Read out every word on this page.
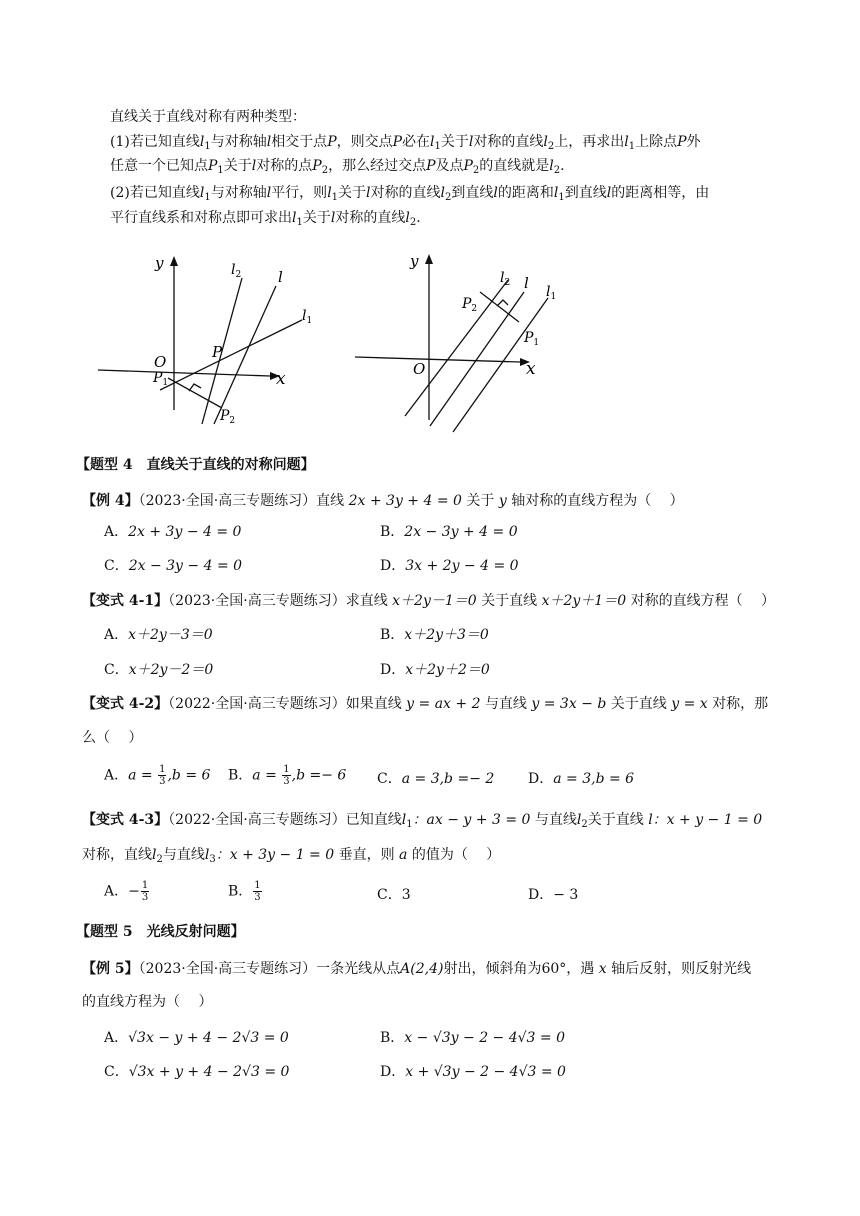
直线关于直线对称有两种类型：
(1)若已知直线$l_1$与对称轴l相交于点P，则交点P必在$l_1$关于l对称的直线$l_2$上，再求出$l_1$上除点P外
任意一个已知点$P_1$关于l对称的点$P_2$，那么经过交点P及点$P_2$的直线就是$l_2$.
(2)若已知直线$l_1$与对称轴l平行，则$l_1$关于l对称的直线$l_2$到直线l的距离和$l_1$到直线l的距离相等，由
平行直线系和对称点即可求出$l_1$关于l对称的直线$l_2$.
y
x
O
P
$P_1$
$P_2$
$l_2$ l
$l_1$
y
x
O
$l_2$ l $l_1$
$P_2$
$P_1$
【题型 4　直线关于直线的对称问题】
【例 4】（2023·全国·高三专题练习）直线 2x + 3y + 4 = 0 关于 y 轴对称的直线方程为（　 ）
A．2x + 3y − 4 = 0	B．2x − 3y + 4 = 0
C．2x − 3y − 4 = 0	D．3x + 2y − 4 = 0
【变式 4-1】（2023·全国·高三专题练习）求直线 x＋2y－1＝0 关于直线 x＋2y＋1＝0 对称的直线方程（　 ）
A．x＋2y－3＝0	B．x＋2y＋3＝0
C．x＋2y－2＝0	D．x＋2y＋2＝0
【变式 4-2】（2022·全国·高三专题练习）如果直线 y = ax + 2 与直线 y = 3x − b 关于直线 y = x 对称，那
么（　 ）
A．$a = \frac{1}{3} ,b = 6$ B．$a = \frac{1}{3} ,b =- 6$ C．a = 3,b =− 2 D．a = 3,b = 6
【变式 4-3】（2022·全国·高三专题练习）已知直线$l_1$：ax − y + 3 = 0 与直线$l_2$关于直线 l：x + y − 1 = 0
对称，直线$l_2$与直线$l_3$：x + 3y − 1 = 0 垂直，则 a 的值为（　 ）
A．− $\frac{1}{3}$	B． $\frac{1}{3}$	C．3	D．− 3
【题型 5　光线反射问题】
【例 5】（2023·全国·高三专题练习）一条光线从点A(2,4)射出，倾斜角为60°，遇 x 轴后反射，则反射光线
的直线方程为（　 ）
A．√3x − y + 4 − 2√3 = 0	B．x − √3y − 2 − 4√3 = 0
C．√3x + y + 4 − 2√3 = 0	D．x + √3y − 2 − 4√3 = 0
